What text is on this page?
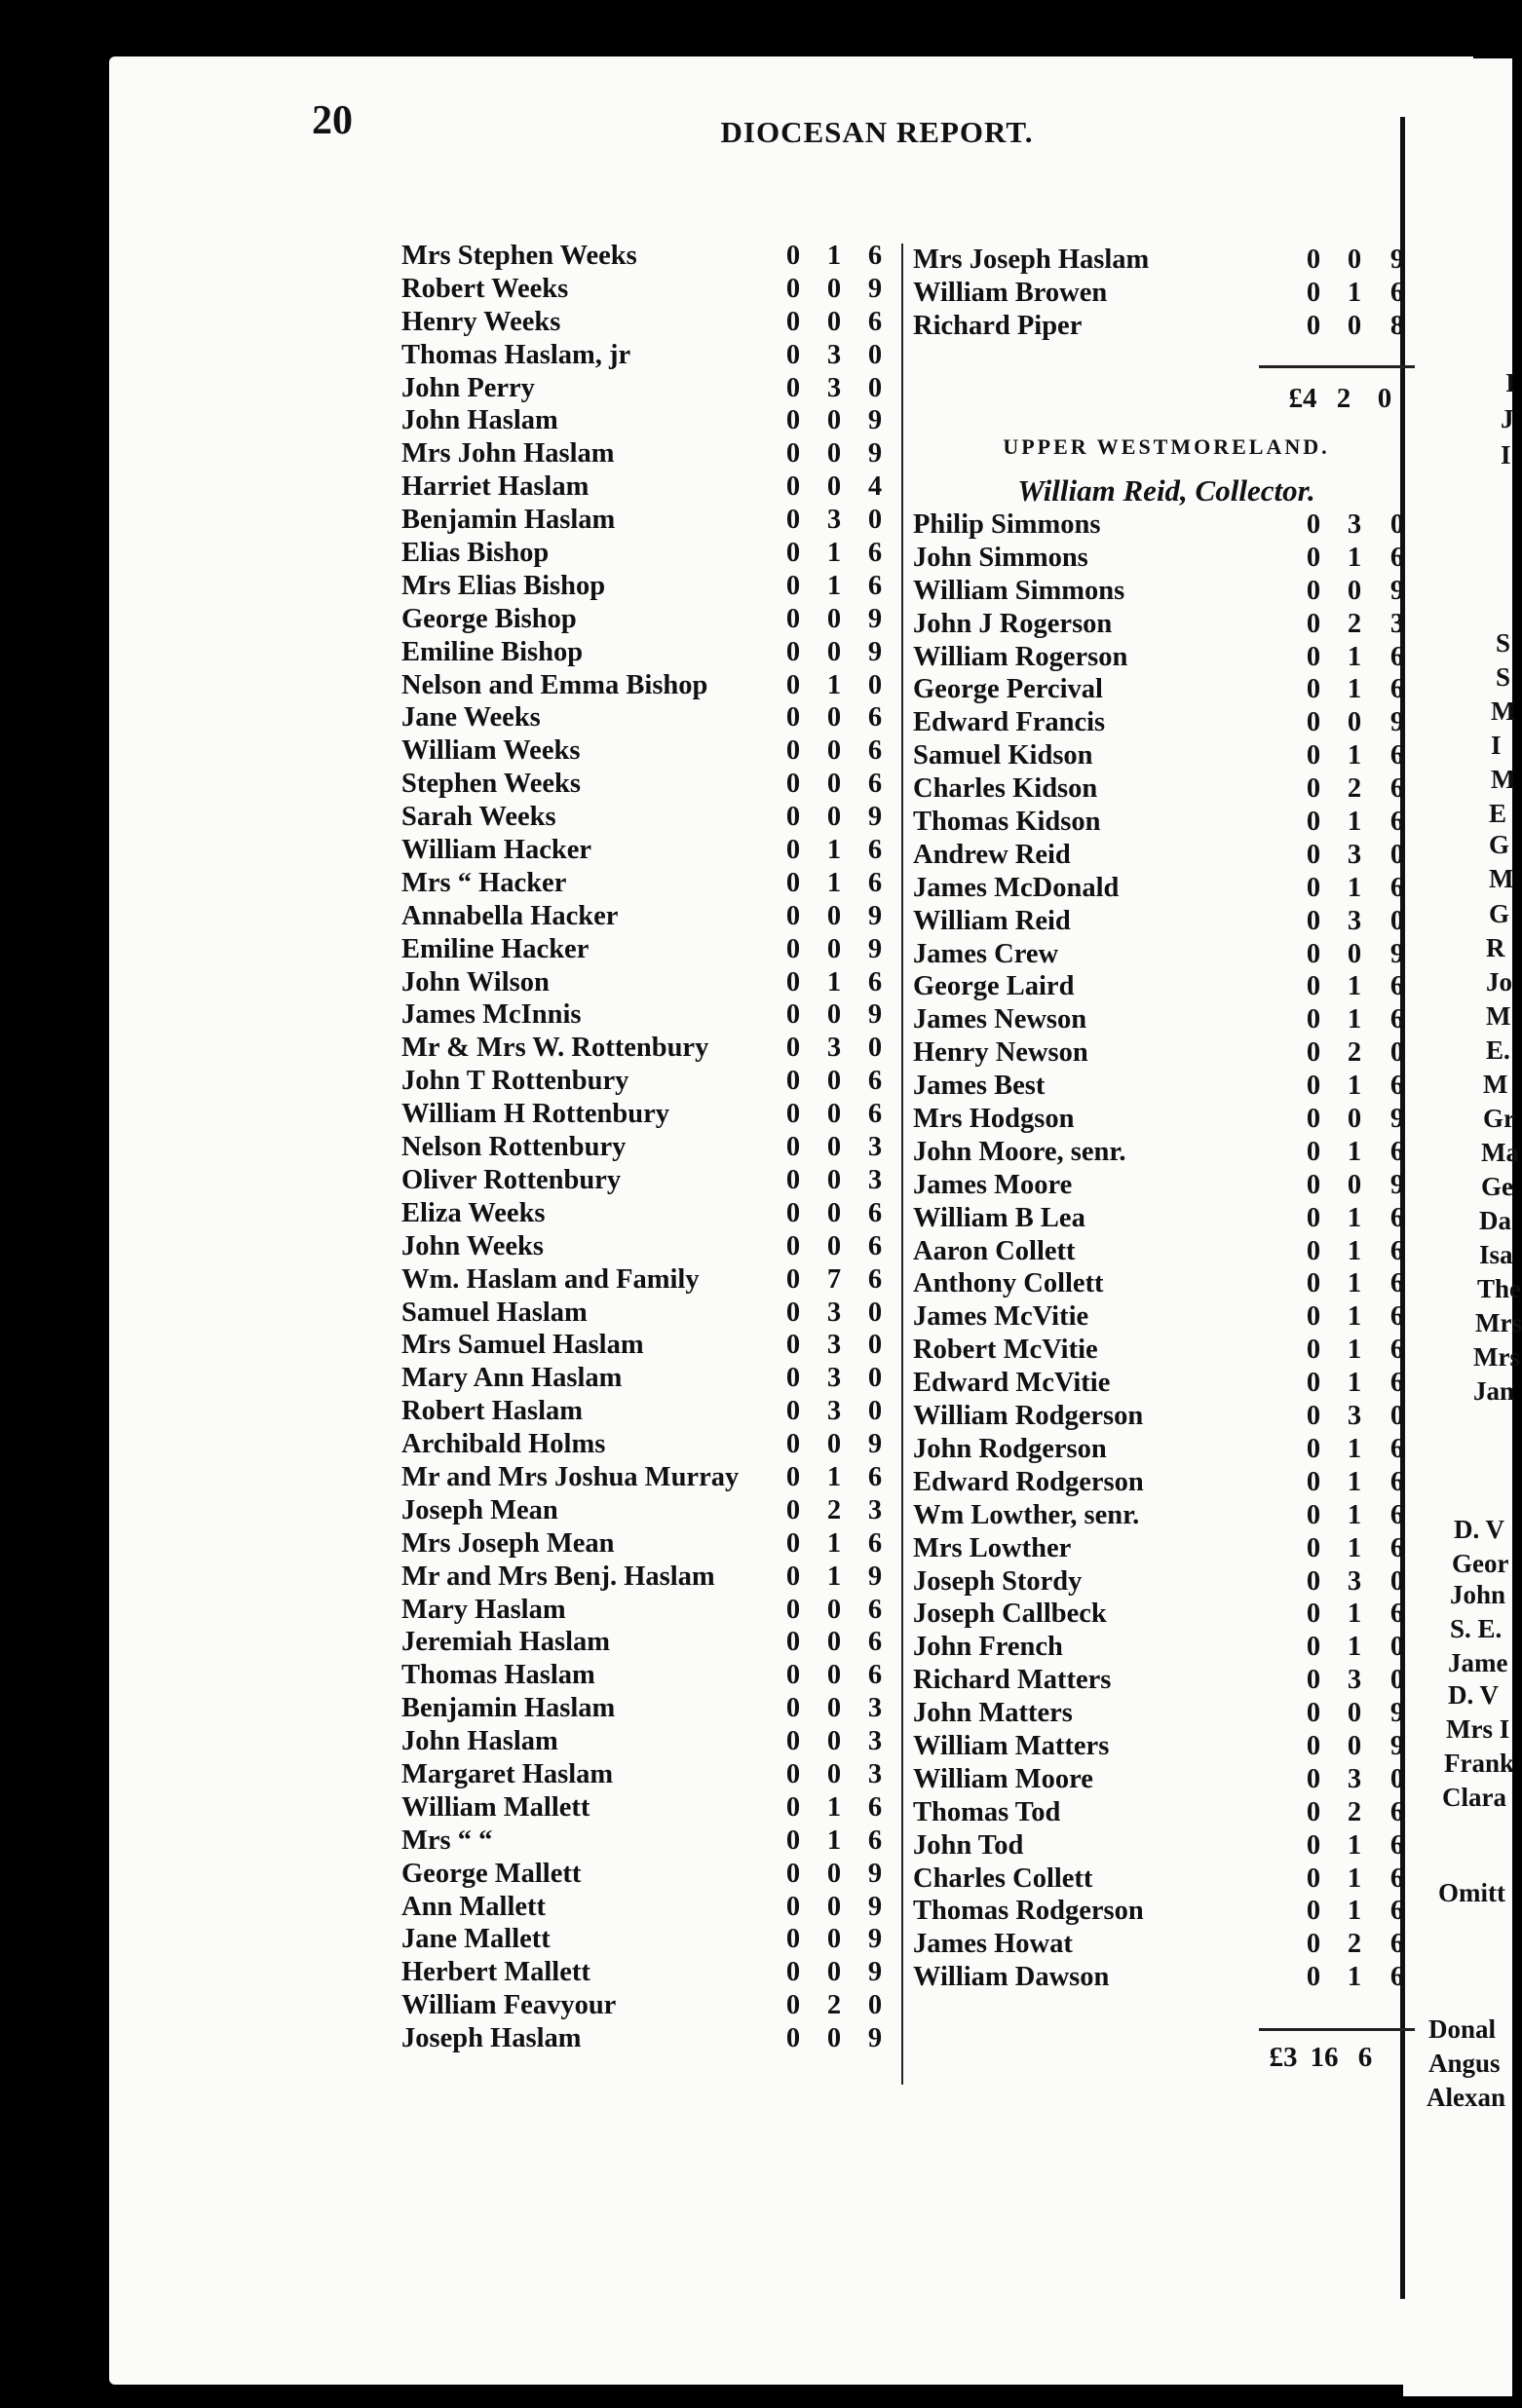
20	DIOCESAN REPORT.
Mrs Stephen Weeks	0 1 6
Robert Weeks	0 0 9
Henry Weeks	0 0 6
Thomas Haslam, jr	0 3 0
John Perry	0 3 0
John Haslam	0 0 9
Mrs John Haslam	0 0 9
Harriet Haslam	0 0 4
Benjamin Haslam	0 3 0
Elias Bishop	0 1 6
Mrs Elias Bishop	0 1 6
George Bishop	0 0 9
Emiline Bishop	0 0 9
Nelson and Emma Bishop	0 1 0
Jane Weeks	0 0 6
William Weeks	0 0 6
Stephen Weeks	0 0 6
Sarah Weeks	0 0 9
William Hacker	0 1 6
Mrs “ Hacker	0 1 6
Annabella Hacker	0 0 9
Emiline Hacker	0 0 9
John Wilson	0 1 6
James McInnis	0 0 9
Mr & Mrs W. Rottenbury	0 3 0
John T Rottenbury	0 0 6
William H Rottenbury	0 0 6
Nelson Rottenbury	0 0 3
Oliver Rottenbury	0 0 3
Eliza Weeks	0 0 6
John Weeks	0 0 6
Wm. Haslam and Family	0 7 6
Samuel Haslam	0 3 0
Mrs Samuel Haslam	0 3 0
Mary Ann Haslam	0 3 0
Robert Haslam	0 3 0
Archibald Holms	0 0 9
Mr and Mrs Joshua Murray	0 1 6
Joseph Mean	0 2 3
Mrs Joseph Mean	0 1 6
Mr and Mrs Benj. Haslam	0 1 9
Mary Haslam	0 0 6
Jeremiah Haslam	0 0 6
Thomas Haslam	0 0 6
Benjamin Haslam	0 0 3
John Haslam	0 0 3
Margaret Haslam	0 0 3
William Mallett	0 1 6
Mrs “ “	0 1 6
George Mallett	0 0 9
Ann Mallett	0 0 9
Jane Mallett	0 0 9
Herbert Mallett	0 0 9
William Feavyour	0 2 0
Joseph Haslam	0 0 9
Mrs Joseph Haslam	0 0	9
William Browen	0 1	6
Richard Piper	0 0	8
£4 2 0
UPPER WESTMORELAND.
William Reid, Collector.
Philip Simmons	0 3	0
John Simmons	0 1	6
William Simmons	0 0	9
John J Rogerson	0 2	3
William Rogerson	0 1	6
George Percival	0 1	6
Edward Francis	0 0	9
Samuel Kidson	0 1	6
Charles Kidson	0 2	6
Thomas Kidson	0 1	6
Andrew Reid	0 3	0
James McDonald	0 1	6
William Reid	0 3	0
James Crew	0 0	9
George Laird	0 1	6
James Newson	0 1	6
Henry Newson	0 2	0
James Best	0 1	6
Mrs Hodgson	0 0	9
John Moore, senr.	0 1	6
James Moore	0 0	9
William B Lea	0 1	6
Aaron Collett	0 1	6
Anthony Collett	0 1	6
James McVitie	0 1	6
Robert McVitie	0 1	6
Edward McVitie	0 1	6
William Rodgerson	0 3	0
John Rodgerson	0 1	6
Edward Rodgerson	0 1	6
Wm Lowther, senr.	0 1	6
Mrs Lowther	0 1	6
Joseph Stordy	0 3	0
Joseph Callbeck	0 1	6
John French	0 1	0
Richard Matters	0 3	0
John Matters	0 0	9
William Matters	0 0	9
William Moore	0 3	0
Thomas Tod	0 2	6
John Tod	0 1	6
Charles Collett	0 1	6
Thomas Rodgerson	0 1	6
James Howat	0 2	6
William Dawson	0 1	6
£3 16 6
I
J
I
S
S
M
I
M
E
G
M
G
R
Jo
M
E.
M
Gr
Ma
Ge
Da
Isa
The
Mrs
Mrs
Jan
D. V
Geor
John
S. E.
Jame
D. V
Mrs I
Frank
Clara
Omitt
Donal
Angus
Alexan
